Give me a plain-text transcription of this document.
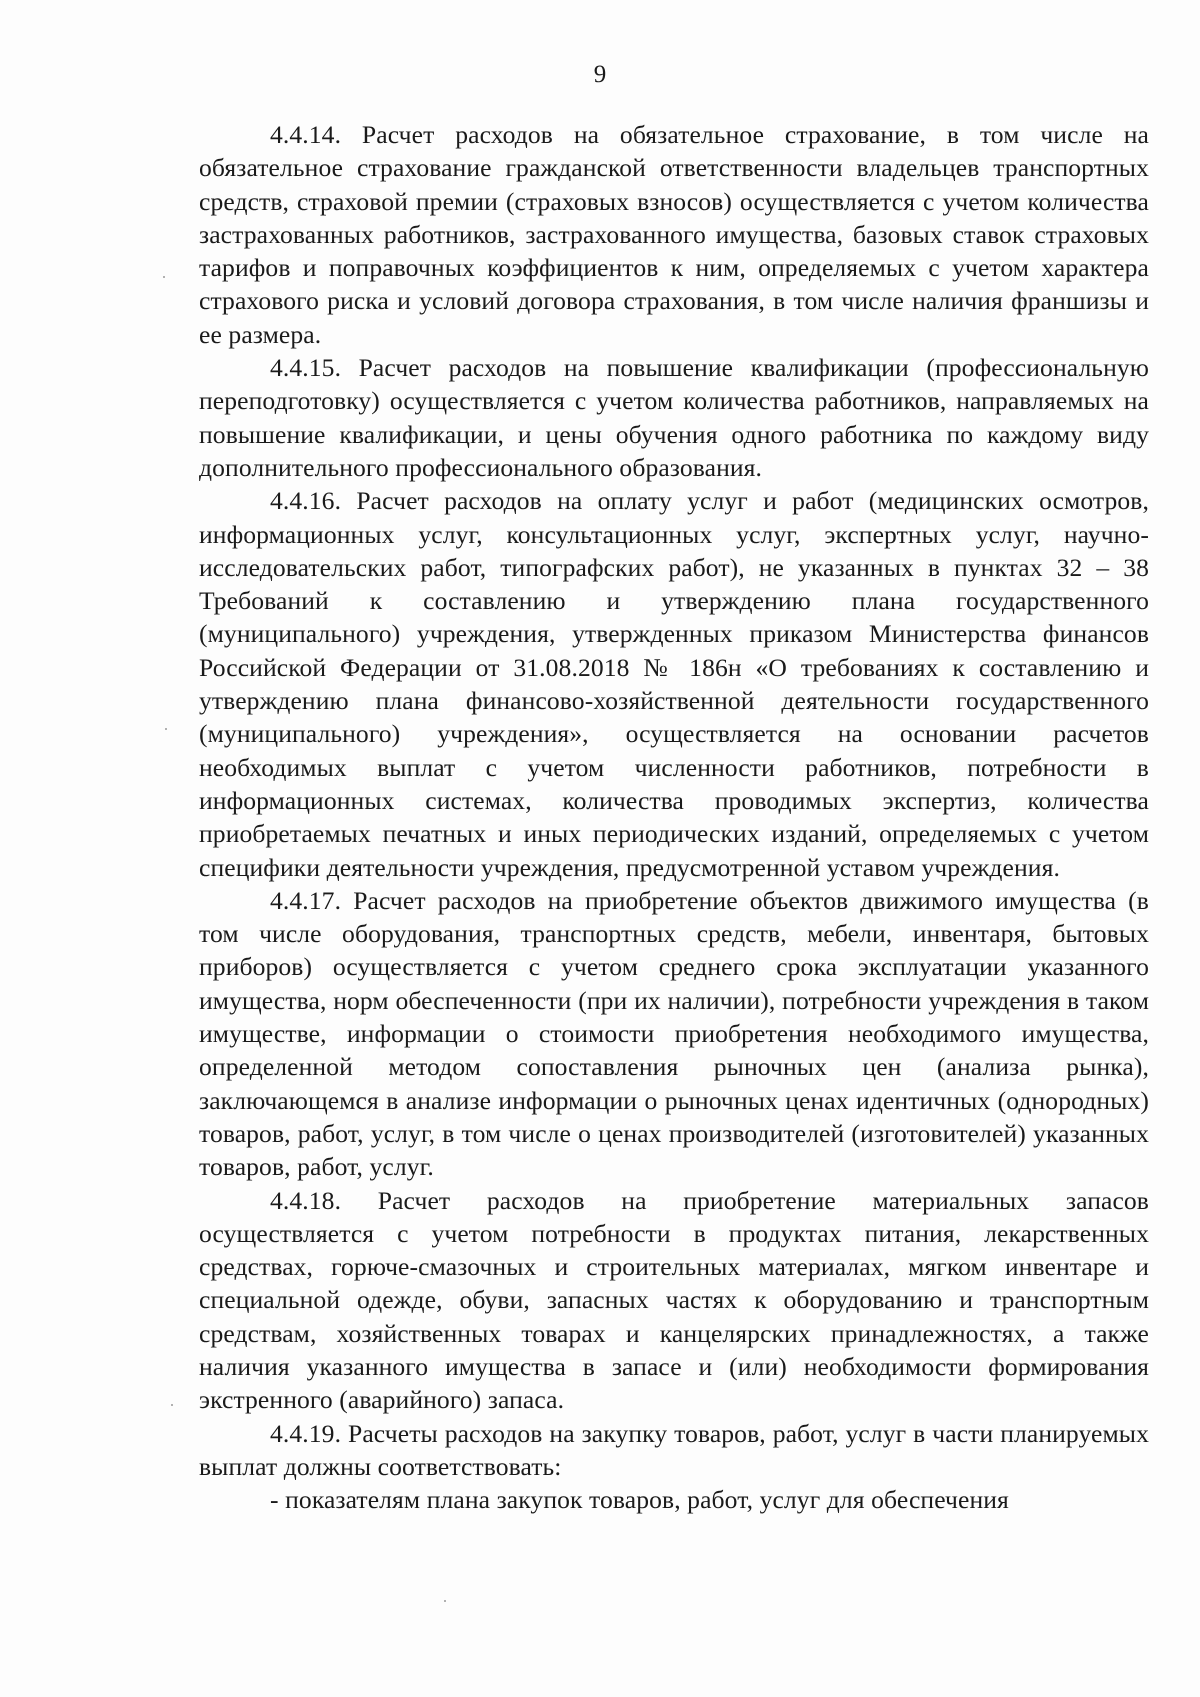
9

4.4.14. Расчет расходов на обязательное страхование, в том числе на обязательное страхование гражданской ответственности владельцев транспортных средств, страховой премии (страховых взносов) осуществляется с учетом количества застрахованных работников, застрахованного имущества, базовых ставок страховых тарифов и поправочных коэффициентов к ним, определяемых с учетом характера страхового риска и условий договора страхования, в том числе наличия франшизы и ее размера.

4.4.15. Расчет расходов на повышение квалификации (профессиональную переподготовку) осуществляется с учетом количества работников, направляемых на повышение квалификации, и цены обучения одного работника по каждому виду дополнительного профессионального образования.

4.4.16. Расчет расходов на оплату услуг и работ (медицинских осмотров, информационных услуг, консультационных услуг, экспертных услуг, научно-исследовательских работ, типографских работ), не указанных в пунктах 32 – 38 Требований к составлению и утверждению плана государственного (муниципального) учреждения, утвержденных приказом Министерства финансов Российской Федерации от 31.08.2018 № 186н «О требованиях к составлению и утверждению плана финансово-хозяйственной деятельности государственного (муниципального) учреждения», осуществляется на основании расчетов необходимых выплат с учетом численности работников, потребности в информационных системах, количества проводимых экспертиз, количества приобретаемых печатных и иных периодических изданий, определяемых с учетом специфики деятельности учреждения, предусмотренной уставом учреждения.

4.4.17. Расчет расходов на приобретение объектов движимого имущества (в том числе оборудования, транспортных средств, мебели, инвентаря, бытовых приборов) осуществляется с учетом среднего срока эксплуатации указанного имущества, норм обеспеченности (при их наличии), потребности учреждения в таком имуществе, информации о стоимости приобретения необходимого имущества, определенной методом сопоставления рыночных цен (анализа рынка), заключающемся в анализе информации о рыночных ценах идентичных (однородных) товаров, работ, услуг, в том числе о ценах производителей (изготовителей) указанных товаров, работ, услуг.

4.4.18. Расчет расходов на приобретение материальных запасов осуществляется с учетом потребности в продуктах питания, лекарственных средствах, горюче-смазочных и строительных материалах, мягком инвентаре и специальной одежде, обуви, запасных частях к оборудованию и транспортным средствам, хозяйственных товарах и канцелярских принадлежностях, а также наличия указанного имущества в запасе и (или) необходимости формирования экстренного (аварийного) запаса.

4.4.19. Расчеты расходов на закупку товаров, работ, услуг в части планируемых выплат должны соответствовать:

- показателям плана закупок товаров, работ, услуг для обеспечения
